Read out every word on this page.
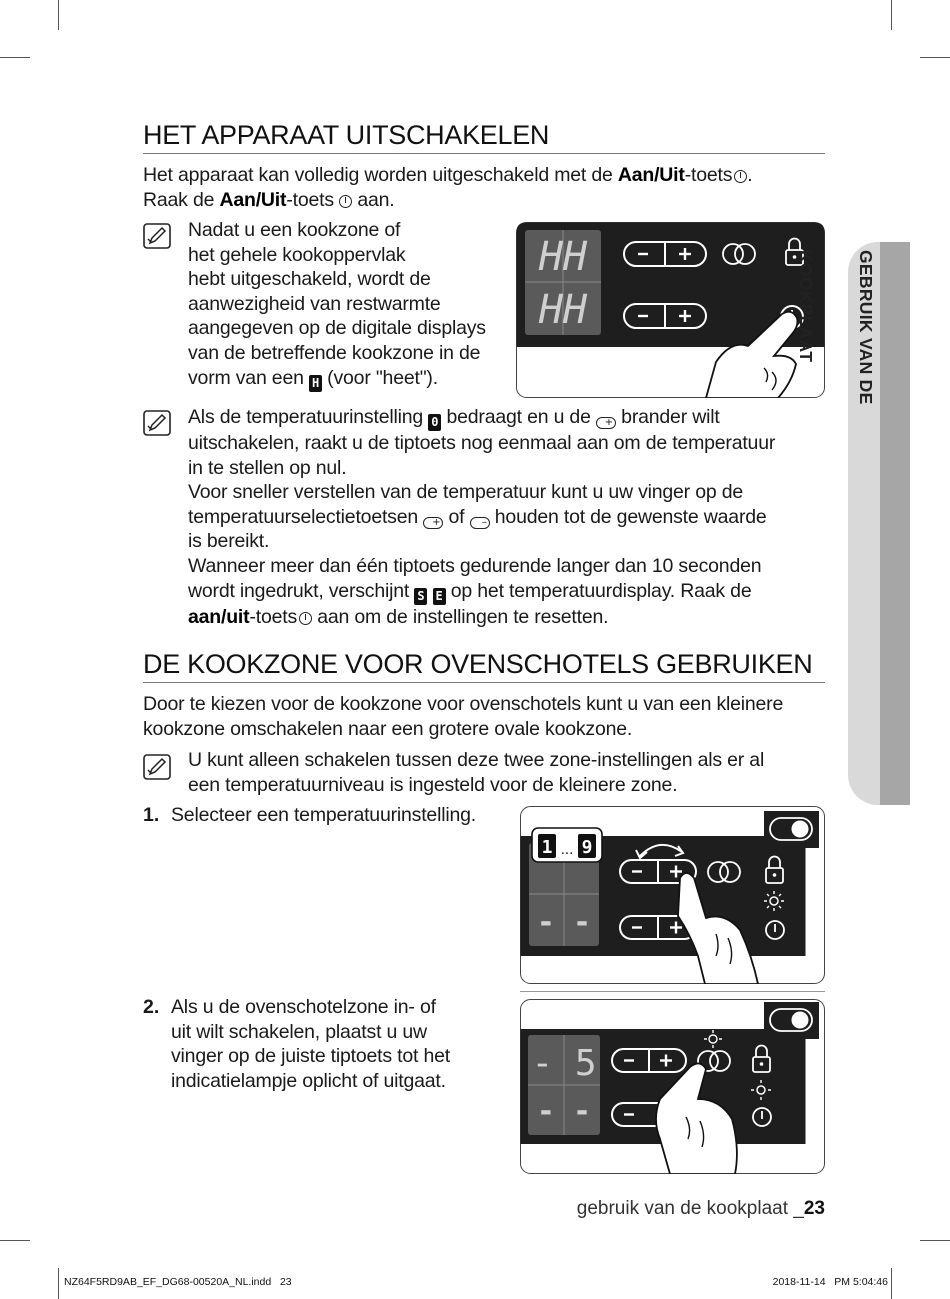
GEBRUIK VAN DE KOOKPLAAT
HET APPARAAT UITSCHAKELEN

Het apparaat kan volledig worden uitgeschakeld met de Aan/Uit-toets .

Raak de Aan/Uit-toets  aan.

Nadat u een kookzone of
het gehele kookoppervlak
hebt uitgeschakeld, wordt de
aanwezigheid van restwarmte
aangegeven op de digitale displays
van de betreffende kookzone in de
vorm van een H (voor "heet").
HH
HH
Als de temperatuurinstelling 0 bedraagt en u de + brander wilt
uitschakelen, raakt u de tiptoets nog eenmaal aan om de temperatuur
in te stellen op nul.
Voor sneller verstellen van de temperatuur kunt u uw vinger op de
temperatuurselectietoetsen + of – houden tot de gewenste waarde
is bereikt.
Wanneer meer dan één tiptoets gedurende langer dan 10 seconden
wordt ingedrukt, verschijnt S E op het temperatuurdisplay. Raak de
aan/uit-toets aan om de instellingen te resetten.
DE KOOKZONE VOOR OVENSCHOTELS GEBRUIKEN
Door te kiezen voor de kookzone voor ovenschotels kunt u van een kleinere
kookzone omschakelen naar een grotere ovale kookzone.
U kunt alleen schakelen tussen deze twee zone-instellingen als er al
een temperatuurniveau is ingesteld voor de kleinere zone.
1. Selecteer een temperatuurinstelling.
- -
1 ... 9
2. Als u de ovenschotelzone in- of
uit wilt schakelen, plaatst u uw
vinger op de juiste tiptoets tot het
indicatielampje oplicht of uitgaat.	- 5
- -
gebruik van de kookplaat _23
NZ64F5RD9AB_EF_DG68-00520A_NL.indd   23	2018-11-14   PM 5:04:46
